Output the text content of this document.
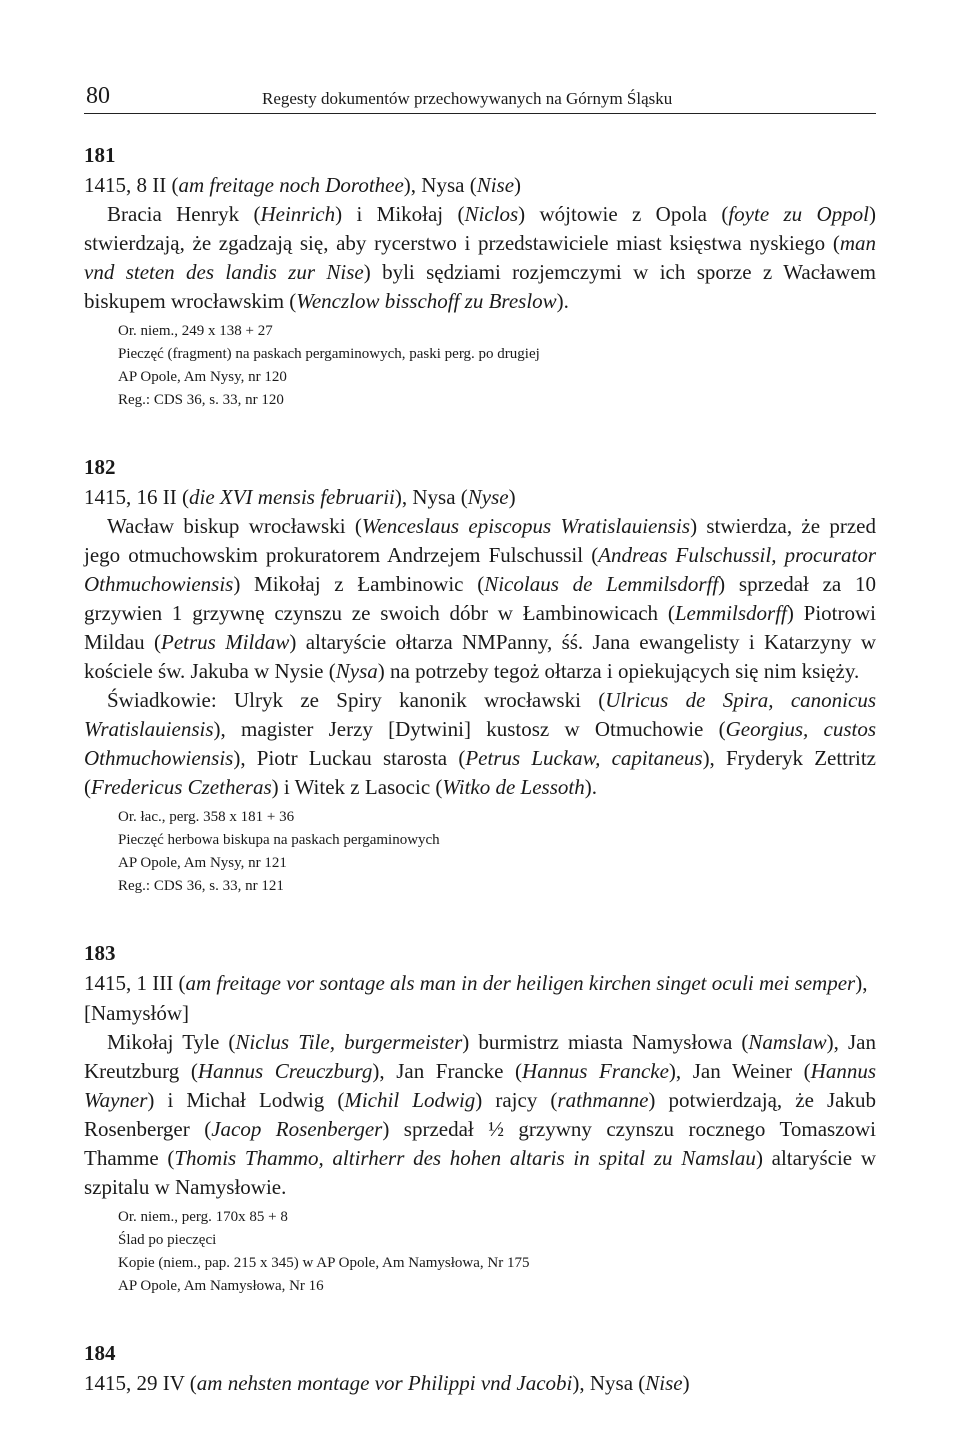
80	Regesty dokumentów przechowywanych na Górnym Śląsku
181
1415, 8 II (am freitage noch Dorothee), Nysa (Nise)

Bracia Henryk (Heinrich) i Mikołaj (Niclos) wójtowie z Opola (foyte zu Oppol) stwierdzają, że zgadzają się, aby rycerstwo i przedstawiciele miast księstwa nyskiego (man vnd steten des landis zur Nise) byli sędziami rozjemczymi w ich sporze z Wacławem biskupem wrocławskim (Wenczlow bisschoff zu Breslow).

Or. niem., 249 x 138 + 27
Pieczęć (fragment) na paskach pergaminowych, paski perg. po drugiej
AP Opole, Am Nysy, nr 120
Reg.: CDS 36, s. 33, nr 120
182
1415, 16 II (die XVI mensis februarii), Nysa (Nyse)

Wacław biskup wrocławski (Wenceslaus episcopus Wratislauiensis) stwierdza, że przed jego otmuchowskim prokuratorem Andrzejem Fulschussil (Andreas Fulschussil, procurator Othmuchowiensis) Mikołaj z Łambinowic (Nicolaus de Lemmilsdorff) sprzedał za 10 grzywien 1 grzywnę czynszu ze swoich dóbr w Łambinowicach (Lemmilsdorff) Piotrowi Mildau (Petrus Mildaw) altaryście ołtarza NMPanny, śś. Jana ewangelisty i Katarzyny w kościele św. Jakuba w Nysie (Nysa) na potrzeby tegoż ołtarza i opiekujących się nim księży.

Świadkowie: Ulryk ze Spiry kanonik wrocławski (Ulricus de Spira, canonicus Wratislauiensis), magister Jerzy [Dytwini] kustosz w Otmuchowie (Georgius, custos Othmuchowiensis), Piotr Luckau starosta (Petrus Luckaw, capitaneus), Fryderyk Zettritz (Fredericus Czetheras) i Witek z Lasocic (Witko de Lessoth).

Or. łac., perg. 358 x 181 + 36
Pieczęć herbowa biskupa na paskach pergaminowych
AP Opole, Am Nysy, nr 121
Reg.: CDS 36, s. 33, nr 121
183
1415, 1 III (am freitage vor sontage als man in der heiligen kirchen singet oculi mei semper), [Namysłów]

Mikołaj Tyle (Niclus Tile, burgermeister) burmistrz miasta Namysłowa (Namslaw), Jan Kreutzburg (Hannus Creuczburg), Jan Francke (Hannus Francke), Jan Weiner (Hannus Wayner) i Michał Lodwig (Michil Lodwig) rajcy (rathmanne) potwierdzają, że Jakub Rosenberger (Jacop Rosenberger) sprzedał ½ grzywny czynszu rocznego Tomaszowi Thamme (Thomis Thammo, altirherr des hohen altaris in spital zu Namslau) altaryście w szpitalu w Namysłowie.

Or. niem., perg. 170x 85 + 8
Ślad po pieczęci
Kopie (niem., pap. 215 x 345) w AP Opole, Am Namysłowa, Nr 175
AP Opole, Am Namysłowa, Nr 16
184
1415, 29 IV (am nehsten montage vor Philippi vnd Jacobi), Nysa (Nise)
